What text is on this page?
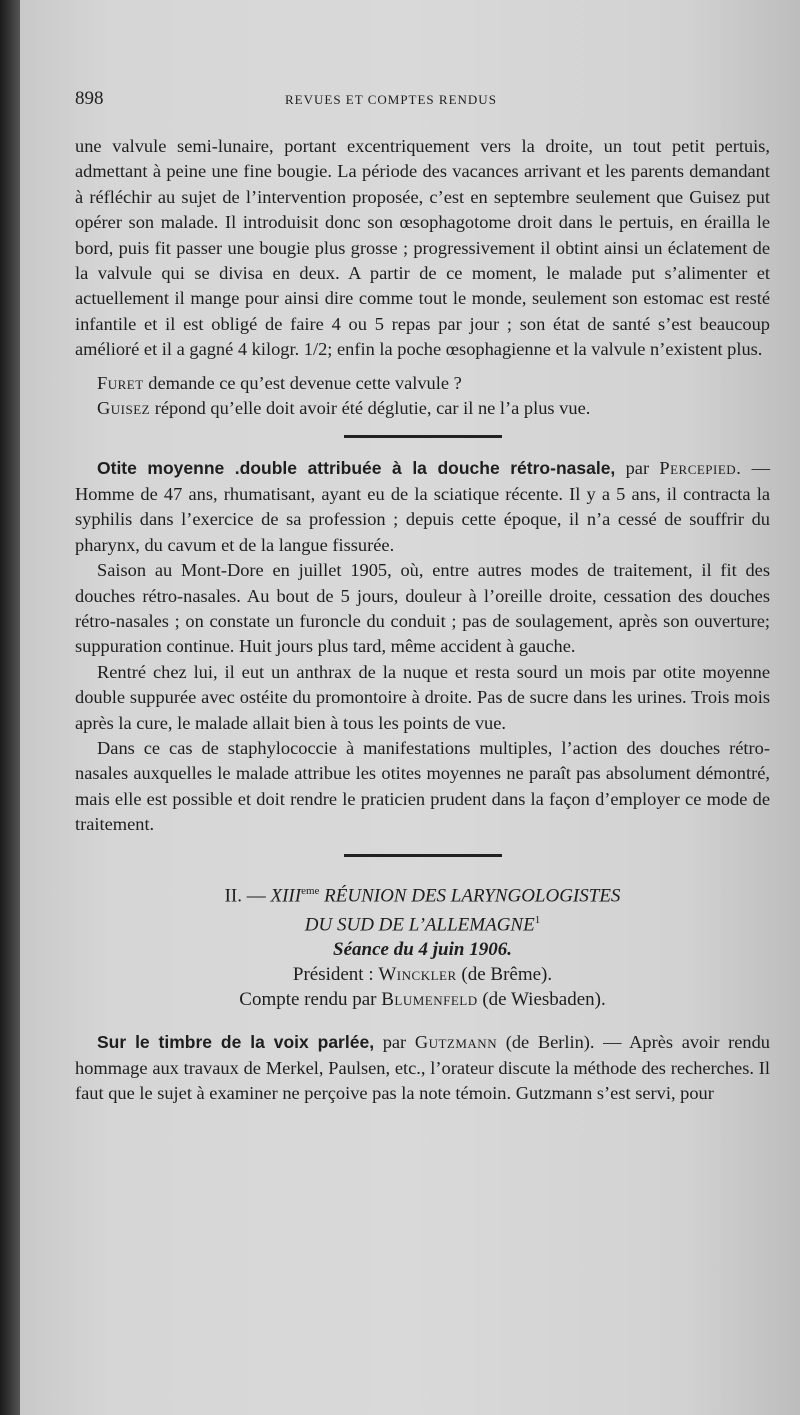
898	REVUES ET COMPTES RENDUS

une valvule semi-lunaire, portant excentriquement vers la droite, un tout petit pertuis, admettant à peine une fine bougie. La période des vacances arrivant et les parents demandant à réfléchir au sujet de l’intervention proposée, c’est en septembre seulement que Guisez put opérer son malade. Il introduisit donc son œsophagotome droit dans le pertuis, en érailla le bord, puis fit passer une bougie plus grosse ; progressivement il obtint ainsi un éclatement de la valvule qui se divisa en deux. A partir de ce moment, le malade put s’alimenter et actuellement il mange pour ainsi dire comme tout le monde, seulement son estomac est resté infantile et il est obligé de faire 4 ou 5 repas par jour ; son état de santé s’est beaucoup amélioré et il a gagné 4 kilogr. 1/2; enfin la poche œsophagienne et la valvule n’existent plus.

Furet demande ce qu’est devenue cette valvule ?

Guisez répond qu’elle doit avoir été déglutie, car il ne l’a plus vue.

Otite moyenne .double attribuée à la douche rétro-nasale, par Percepied. — Homme de 47 ans, rhumatisant, ayant eu de la sciatique récente. Il y a 5 ans, il contracta la syphilis dans l’exercice de sa profession ; depuis cette époque, il n’a cessé de souffrir du pharynx, du cavum et de la langue fissurée.

Saison au Mont-Dore en juillet 1905, où, entre autres modes de traitement, il fit des douches rétro-nasales. Au bout de 5 jours, douleur à l’oreille droite, cessation des douches rétro-nasales ; on constate un furoncle du conduit ; pas de soulagement, après son ouverture; suppuration continue. Huit jours plus tard, même accident à gauche.

Rentré chez lui, il eut un anthrax de la nuque et resta sourd un mois par otite moyenne double suppurée avec ostéite du promontoire à droite. Pas de sucre dans les urines. Trois mois après la cure, le malade allait bien à tous les points de vue.

Dans ce cas de staphylococcie à manifestations multiples, l’action des douches rétro-nasales auxquelles le malade attribue les otites moyennes ne paraît pas absolument démontré, mais elle est possible et doit rendre le praticien prudent dans la façon d’employer ce mode de traitement.

II. — XIIIeme RÉUNION DES LARYNGOLOGISTES
DU SUD DE L’ALLEMAGNE$^1$
Séance du 4 juin 1906.
Président : Winckler (de Brême).
Compte rendu par Blumenfeld (de Wiesbaden).

Sur le timbre de la voix parlée, par Gutzmann (de Berlin). — Après avoir rendu hommage aux travaux de Merkel, Paulsen, etc., l’orateur discute la méthode des recherches. Il faut que le sujet à examiner ne perçoive pas la note témoin. Gutzmann s’est servi, pour
